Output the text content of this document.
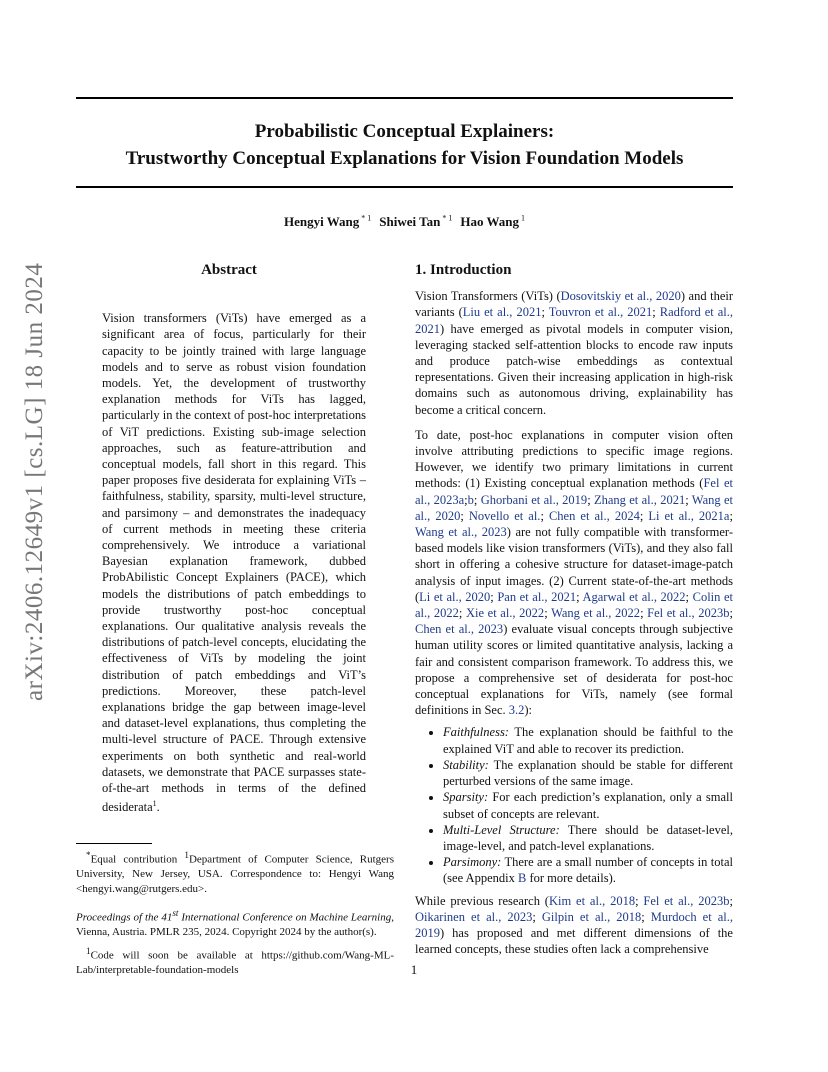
Probabilistic Conceptual Explainers:
Trustworthy Conceptual Explanations for Vision Foundation Models
Hengyi Wang $^{* 1}$ Shiwei Tan $^{* 1}$ Hao Wang $^1$
arXiv:2406.12649v1 [cs.LG] 18 Jun 2024	Abstract

Vision transformers (ViTs) have emerged as a significant area of focus, particularly for their capacity to be jointly trained with large language models and to serve as robust vision foundation models. Yet, the development of trustworthy explanation methods for ViTs has lagged, particularly in the context of post-hoc interpretations of ViT predictions. Existing sub-image selection approaches, such as feature-attribution and conceptual models, fall short in this regard. This paper proposes five desiderata for explaining ViTs – faithfulness, stability, sparsity, multi-level structure, and parsimony – and demonstrates the inadequacy of current methods in meeting these criteria comprehensively. We introduce a variational Bayesian explanation framework, dubbed ProbAbilistic Concept Explainers (PACE), which models the distributions of patch embeddings to provide trustworthy post-hoc conceptual explanations. Our qualitative analysis reveals the distributions of patch-level concepts, elucidating the effectiveness of ViTs by modeling the joint distribution of patch embeddings and ViT’s predictions. Moreover, these patch-level explanations bridge the gap between image-level and dataset-level explanations, thus completing the multi-level structure of PACE. Through extensive experiments on both synthetic and real-world datasets, we demonstrate that PACE surpasses state-of-the-art methods in terms of the defined desiderata$^1$.

1. Introduction

Vision Transformers (ViTs) (Dosovitskiy et al., 2020) and their variants (Liu et al., 2021; Touvron et al., 2021; Radford et al., 2021) have emerged as pivotal models in computer vision, leveraging stacked self-attention blocks to encode raw inputs and produce patch-wise embeddings as contextual representations. Given their increasing application in high-risk domains such as autonomous driving, explainability has become a critical concern.

To date, post-hoc explanations in computer vision often involve attributing predictions to specific image regions. However, we identify two primary limitations in current methods: (1) Existing conceptual explanation methods (Fel et al., 2023a;b; Ghorbani et al., 2019; Zhang et al., 2021; Wang et al., 2020; Novello et al.; Chen et al., 2024; Li et al., 2021a; Wang et al., 2023) are not fully compatible with transformer-based models like vision transformers (ViTs), and they also fall short in offering a cohesive structure for dataset-image-patch analysis of input images. (2) Current state-of-the-art methods (Li et al., 2020; Pan et al., 2021; Agarwal et al., 2022; Colin et al., 2022; Xie et al., 2022; Wang et al., 2022; Fel et al., 2023b; Chen et al., 2023) evaluate visual concepts through subjective human utility scores or limited quantitative analysis, lacking a fair and consistent comparison framework. To address this, we propose a comprehensive set of desiderata for post-hoc conceptual explanations for ViTs, namely (see formal definitions in Sec. 3.2):

• Faithfulness: The explanation should be faithful to the explained ViT and able to recover its prediction.
• Stability: The explanation should be stable for different perturbed versions of the same image.
• Sparsity: For each prediction’s explanation, only a small subset of concepts are relevant.
• Multi-Level Structure: There should be dataset-level, image-level, and patch-level explanations.
• Parsimony: There are a small number of concepts in total (see Appendix B for more details).

While previous research (Kim et al., 2018; Fel et al., 2023b; Oikarinen et al., 2023; Gilpin et al., 2018; Murdoch et al., 2019) has proposed and met different dimensions of the learned concepts, these studies often lack a comprehensive

*Equal contribution $^1$Department of Computer Science, Rutgers University, New Jersey, USA. Correspondence to: Hengyi Wang <hengyi.wang@rutgers.edu>.

Proceedings of the 41st International Conference on Machine Learning, Vienna, Austria. PMLR 235, 2024. Copyright 2024 by the author(s).

$^1$Code will soon be available at https://github.com/Wang-ML-Lab/interpretable-foundation-models	1
